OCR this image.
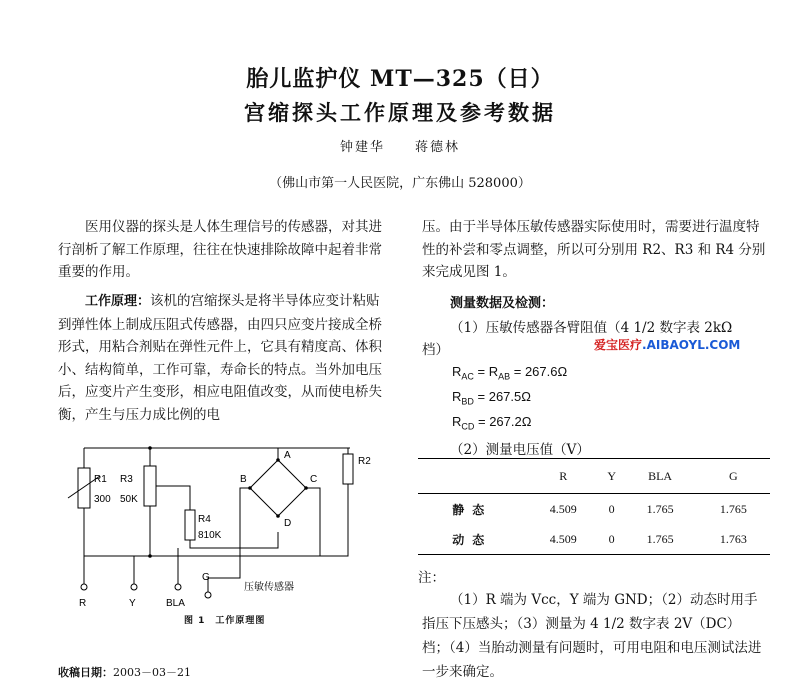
胎儿监护仪 MT—325（日）
宫缩探头工作原理及参考数据
钟建华　　蒋德林
（佛山市第一人民医院，广东佛山 528000）
医用仪器的探头是人体生理信号的传感器，对其进行剖析了解工作原理，往往在快速排除故障中起着非常重要的作用。
工作原理：该机的宫缩探头是将半导体应变计粘贴到弹性体上制成压阻式传感器，由四只应变片接成全桥形式，用粘合剂贴在弹性元件上，它具有精度高、体积小、结构简单，工作可靠，寿命长的特点。当外加电压后，应变片产生变形，相应电阻值改变，从而使电桥失衡，产生与压力成比例的电
压。由于半导体压敏传感器实际使用时，需要进行温度特性的补尝和零点调整，所以可分别用 R2、R3 和 R4 分别来完成见图 1。
测量数据及检测：
（1）压敏传感器各臂阻值（4 1/2 数字表 2kΩ
档）	爱宝医疗.AIBAOYL.COM
$R_{AC} = R_{AB} = 267.6\Omega$
$R_{BD} = 267.5\Omega$
$R_{CD} = 267.2\Omega$
（2）测量电压值（V）
	R	Y	BLA	G
静态	4.509	0	1.765	1.765
动态	4.509	0	1.765	1.763
注：
（1）R 端为 Vcc，Y 端为 GND；（2）动态时用手指压下压感头；（3）测量为 4 1/2 数字表 2V（DC）档；（4）当胎动测量有问题时，可用电阻和电压测试法进一步来确定。
R1
300
R3
50K
R4
810K
R2
A
B	C
D
R	Y	BLA
G
压敏传感器
图 1　工作原理图
收稿日期：2003－03－21
